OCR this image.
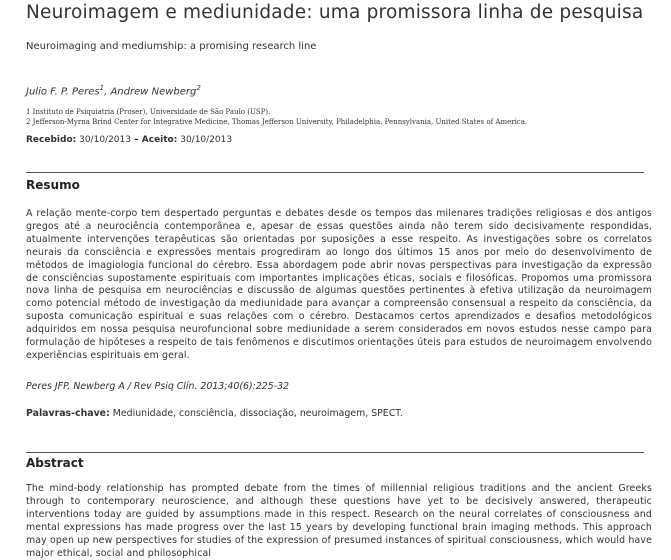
Neuroimagem e mediunidade: uma promissora linha de pesquisa

Neuroimaging and mediumship: a promising research line

Julio F. P. Peres$^1$, Andrew Newberg$^2$

1 Instituto de Psiquiatria (Proser), Universidade de São Paulo (USP).

2 Jefferson-Myrna Brind Center for Integrative Medicine, Thomas Jefferson University, Philadelphia, Pennsylvania, United States of America.

Recebido: 30/10/2013 – Aceito: 30/10/2013

Resumo

A relação mente-corpo tem despertado perguntas e debates desde os tempos das milenares tradições religiosas e dos antigos gregos até a neurociência contemporânea e, apesar de essas questões ainda não terem sido decisivamente respondidas, atualmente intervenções terapêuticas são orientadas por suposições a esse respeito. As investigações sobre os correlatos neurais da consciência e expressões mentais progrediram ao longo dos últimos 15 anos por meio do desenvolvimento de métodos de imagiologia funcional do cérebro. Essa abordagem pode abrir novas perspectivas para investigação da expressão de consciências supostamente espirituais com importantes implicações éticas, sociais e filosóficas. Propomos uma promissora nova linha de pesquisa em neurociências e discussão de algumas questões pertinentes à efetiva utilização da neuroimagem como potencial método de investigação da mediunidade para avançar a compreensão consensual a respeito da consciência, da suposta comunicação espiritual e suas relações com o cérebro. Destacamos certos aprendizados e desafios metodológicos adquiridos em nossa pesquisa neurofuncional sobre mediunidade a serem considerados em novos estudos nesse campo para formulação de hipóteses a respeito de tais fenômenos e discutimos orientações úteis para estudos de neuroimagem envolvendo experiências espirituais em geral.

Peres JFP, Newberg A / Rev Psiq Clín. 2013;40(6):225-32

Palavras-chave: Mediunidade, consciência, dissociação, neuroimagem, SPECT.

Abstract

The mind-body relationship has prompted debate from the times of millennial religious traditions and the ancient Greeks through to contemporary neuroscience, and although these questions have yet to be decisively answered, therapeutic interventions today are guided by assumptions made in this respect. Research on the neural correlates of consciousness and mental expressions has made progress over the last 15 years by developing functional brain imaging methods. This approach may open up new perspectives for studies of the expression of presumed instances of spiritual consciousness, which would have major ethical, social and philosophical
